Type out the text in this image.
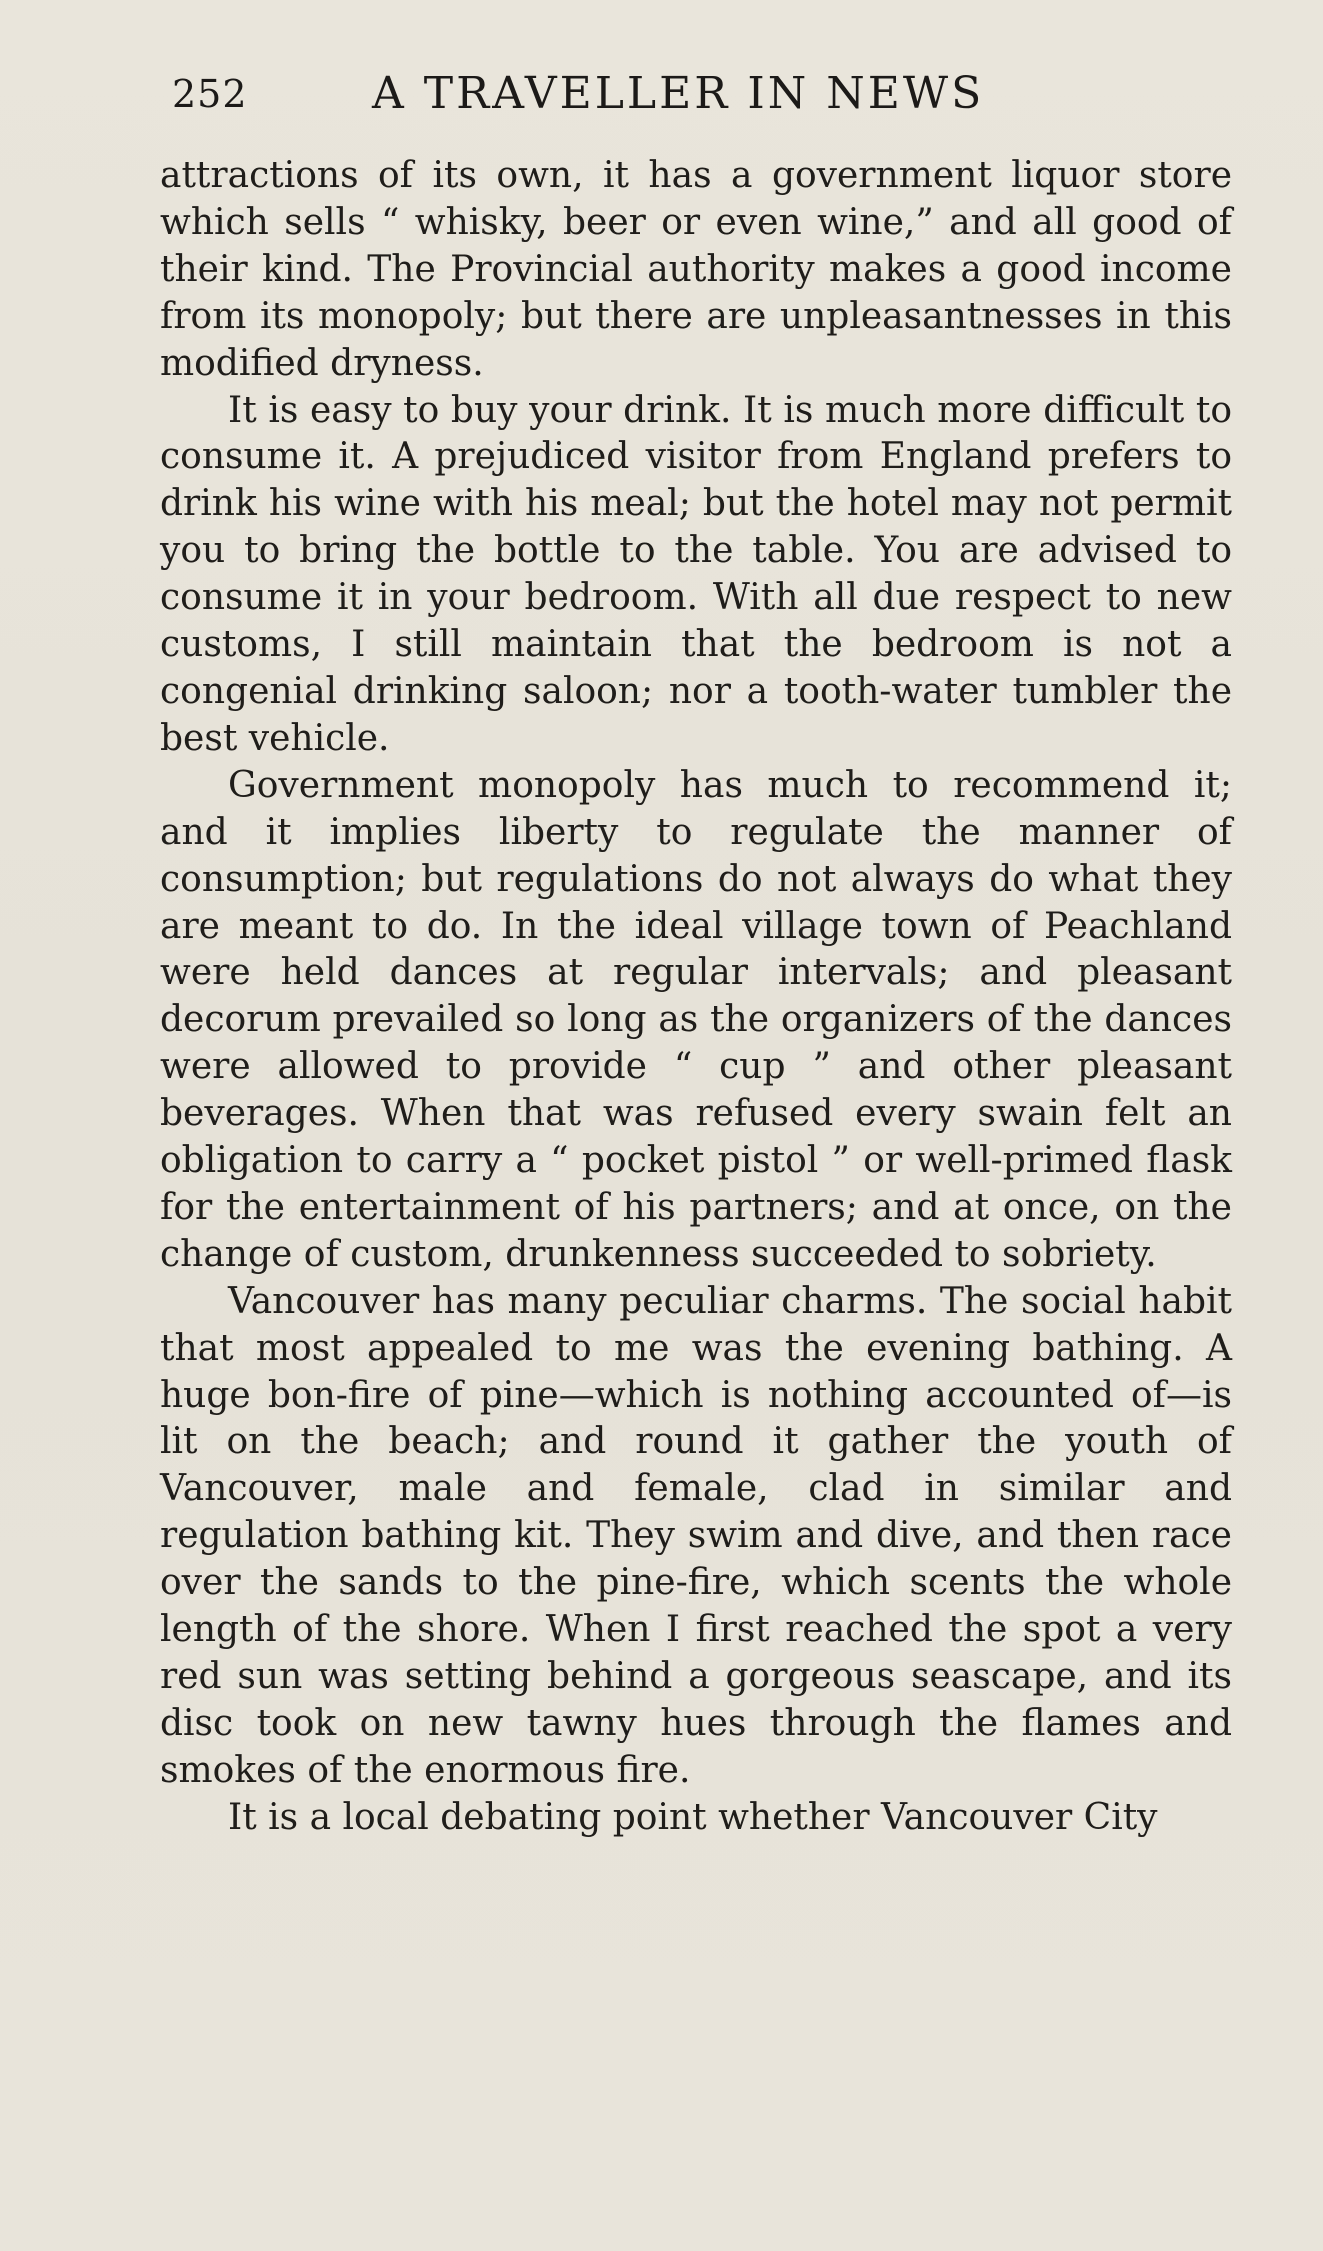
252	A TRAVELLER IN NEWS

attractions of its own, it has a government liquor store which sells “ whisky, beer or even wine,” and all good of their kind. The Provincial authority makes a good income from its monopoly; but there are unpleasantnesses in this modified dryness.

It is easy to buy your drink. It is much more difficult to consume it. A prejudiced visitor from England prefers to drink his wine with his meal; but the hotel may not permit you to bring the bottle to the table. You are advised to consume it in your bedroom. With all due respect to new customs, I still maintain that the bedroom is not a congenial drinking saloon; nor a tooth-water tumbler the best vehicle.

Government monopoly has much to recommend it; and it implies liberty to regulate the manner of consumption; but regulations do not always do what they are meant to do. In the ideal village town of Peachland were held dances at regular intervals; and pleasant decorum prevailed so long as the organizers of the dances were allowed to provide “ cup ” and other pleasant beverages. When that was refused every swain felt an obligation to carry a “ pocket pistol ” or well-primed flask for the entertainment of his partners; and at once, on the change of custom, drunkenness succeeded to sobriety.

Vancouver has many peculiar charms. The social habit that most appealed to me was the evening bathing. A huge bon-fire of pine—which is nothing accounted of—is lit on the beach; and round it gather the youth of Vancouver, male and female, clad in similar and regulation bathing kit. They swim and dive, and then race over the sands to the pine-fire, which scents the whole length of the shore. When I first reached the spot a very red sun was setting behind a gorgeous seascape, and its disc took on new tawny hues through the flames and smokes of the enormous fire.

It is a local debating point whether Vancouver City
